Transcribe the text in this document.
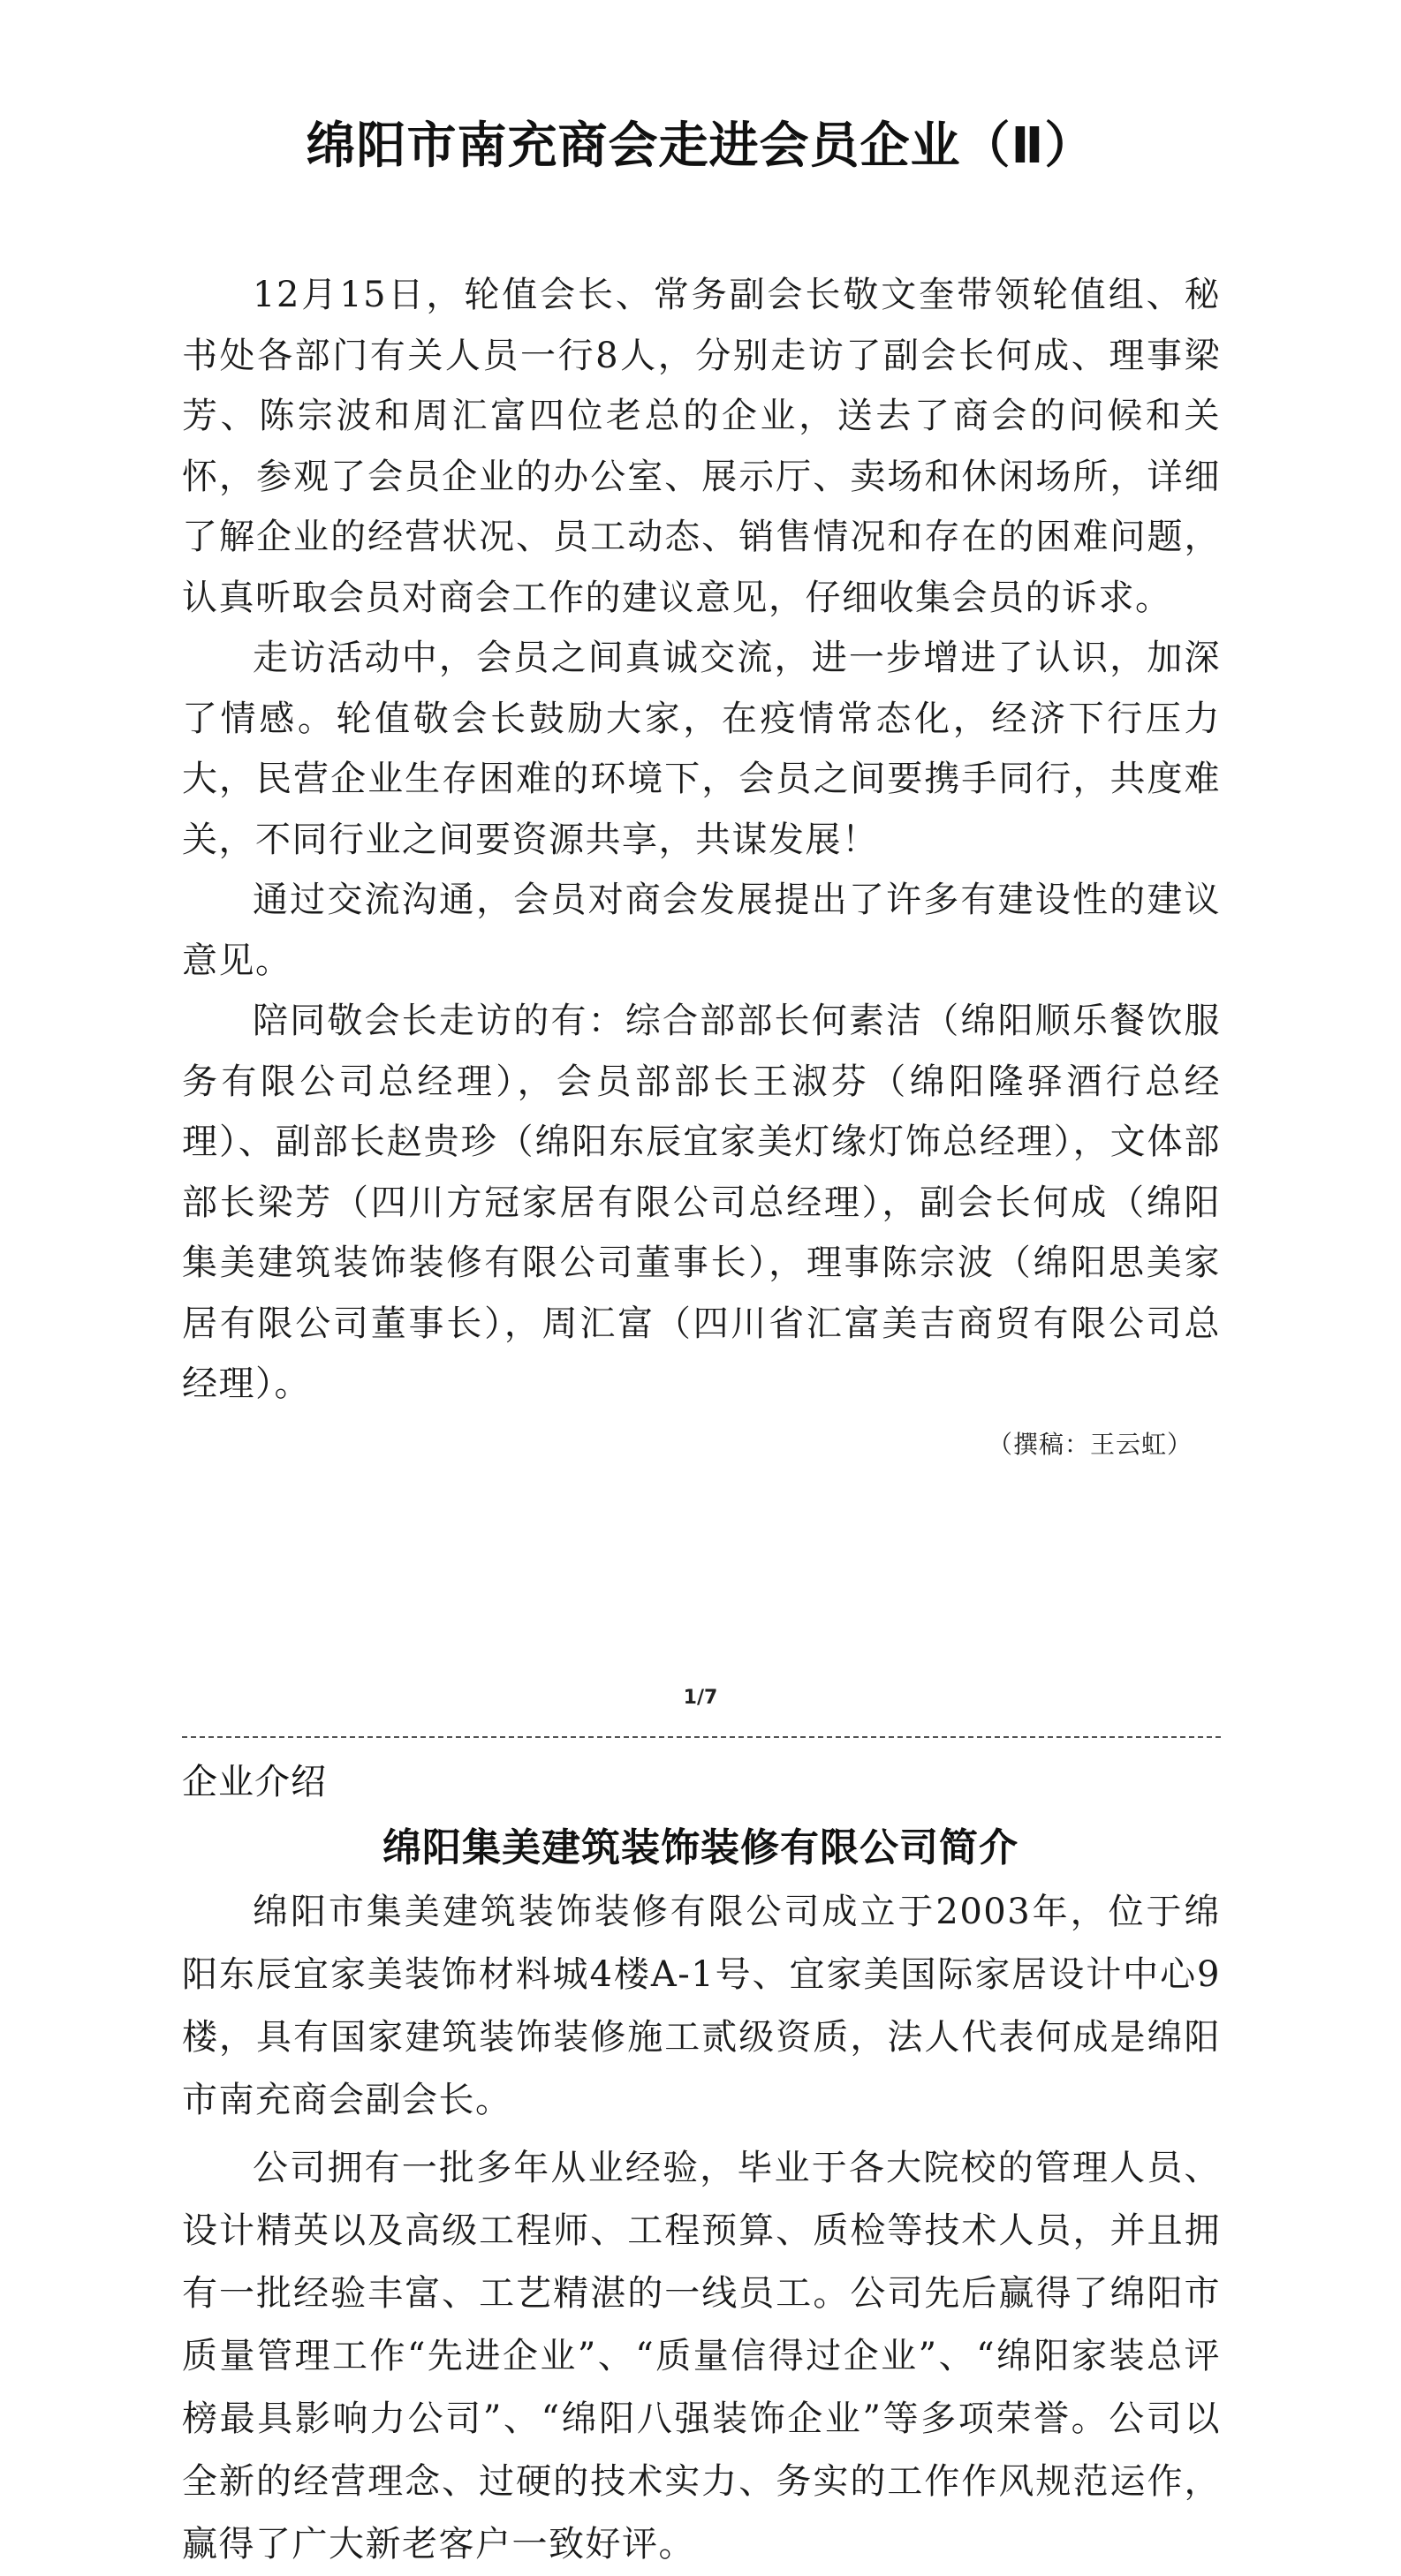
绵阳市南充商会走进会员企业（Ⅱ）

12月15日，轮值会长、常务副会长敬文奎带领轮值组、秘书处各部门有关人员一行8人，分别走访了副会长何成、理事梁芳、陈宗波和周汇富四位老总的企业，送去了商会的问候和关怀，参观了会员企业的办公室、展示厅、卖场和休闲场所，详细了解企业的经营状况、员工动态、销售情况和存在的困难问题，认真听取会员对商会工作的建议意见，仔细收集会员的诉求。

走访活动中，会员之间真诚交流，进一步增进了认识，加深了情感。轮值敬会长鼓励大家，在疫情常态化，经济下行压力大，民营企业生存困难的环境下，会员之间要携手同行，共度难关，不同行业之间要资源共享，共谋发展！

通过交流沟通，会员对商会发展提出了许多有建设性的建议意见。

陪同敬会长走访的有：综合部部长何素洁（绵阳顺乐餐饮服务有限公司总经理），会员部部长王淑芬（绵阳隆驿酒行总经理）、副部长赵贵珍（绵阳东辰宜家美灯缘灯饰总经理），文体部部长梁芳（四川方冠家居有限公司总经理），副会长何成（绵阳集美建筑装饰装修有限公司董事长），理事陈宗波（绵阳思美家居有限公司董事长），周汇富（四川省汇富美吉商贸有限公司总经理）。

（撰稿：王云虹）
1/7
企业介绍
绵阳集美建筑装饰装修有限公司简介

绵阳市集美建筑装饰装修有限公司成立于2003年，位于绵阳东辰宜家美装饰材料城4楼A-1号、宜家美国际家居设计中心9楼，具有国家建筑装饰装修施工贰级资质，法人代表何成是绵阳市南充商会副会长。

公司拥有一批多年从业经验，毕业于各大院校的管理人员、设计精英以及高级工程师、工程预算、质检等技术人员，并且拥有一批经验丰富、工艺精湛的一线员工。公司先后赢得了绵阳市质量管理工作“先进企业”、“质量信得过企业”、“绵阳家装总评榜最具影响力公司”、“绵阳八强装饰企业”等多项荣誉。公司以全新的经营理念、过硬的技术实力、务实的工作作风规范运作，赢得了广大新老客户一致好评。
